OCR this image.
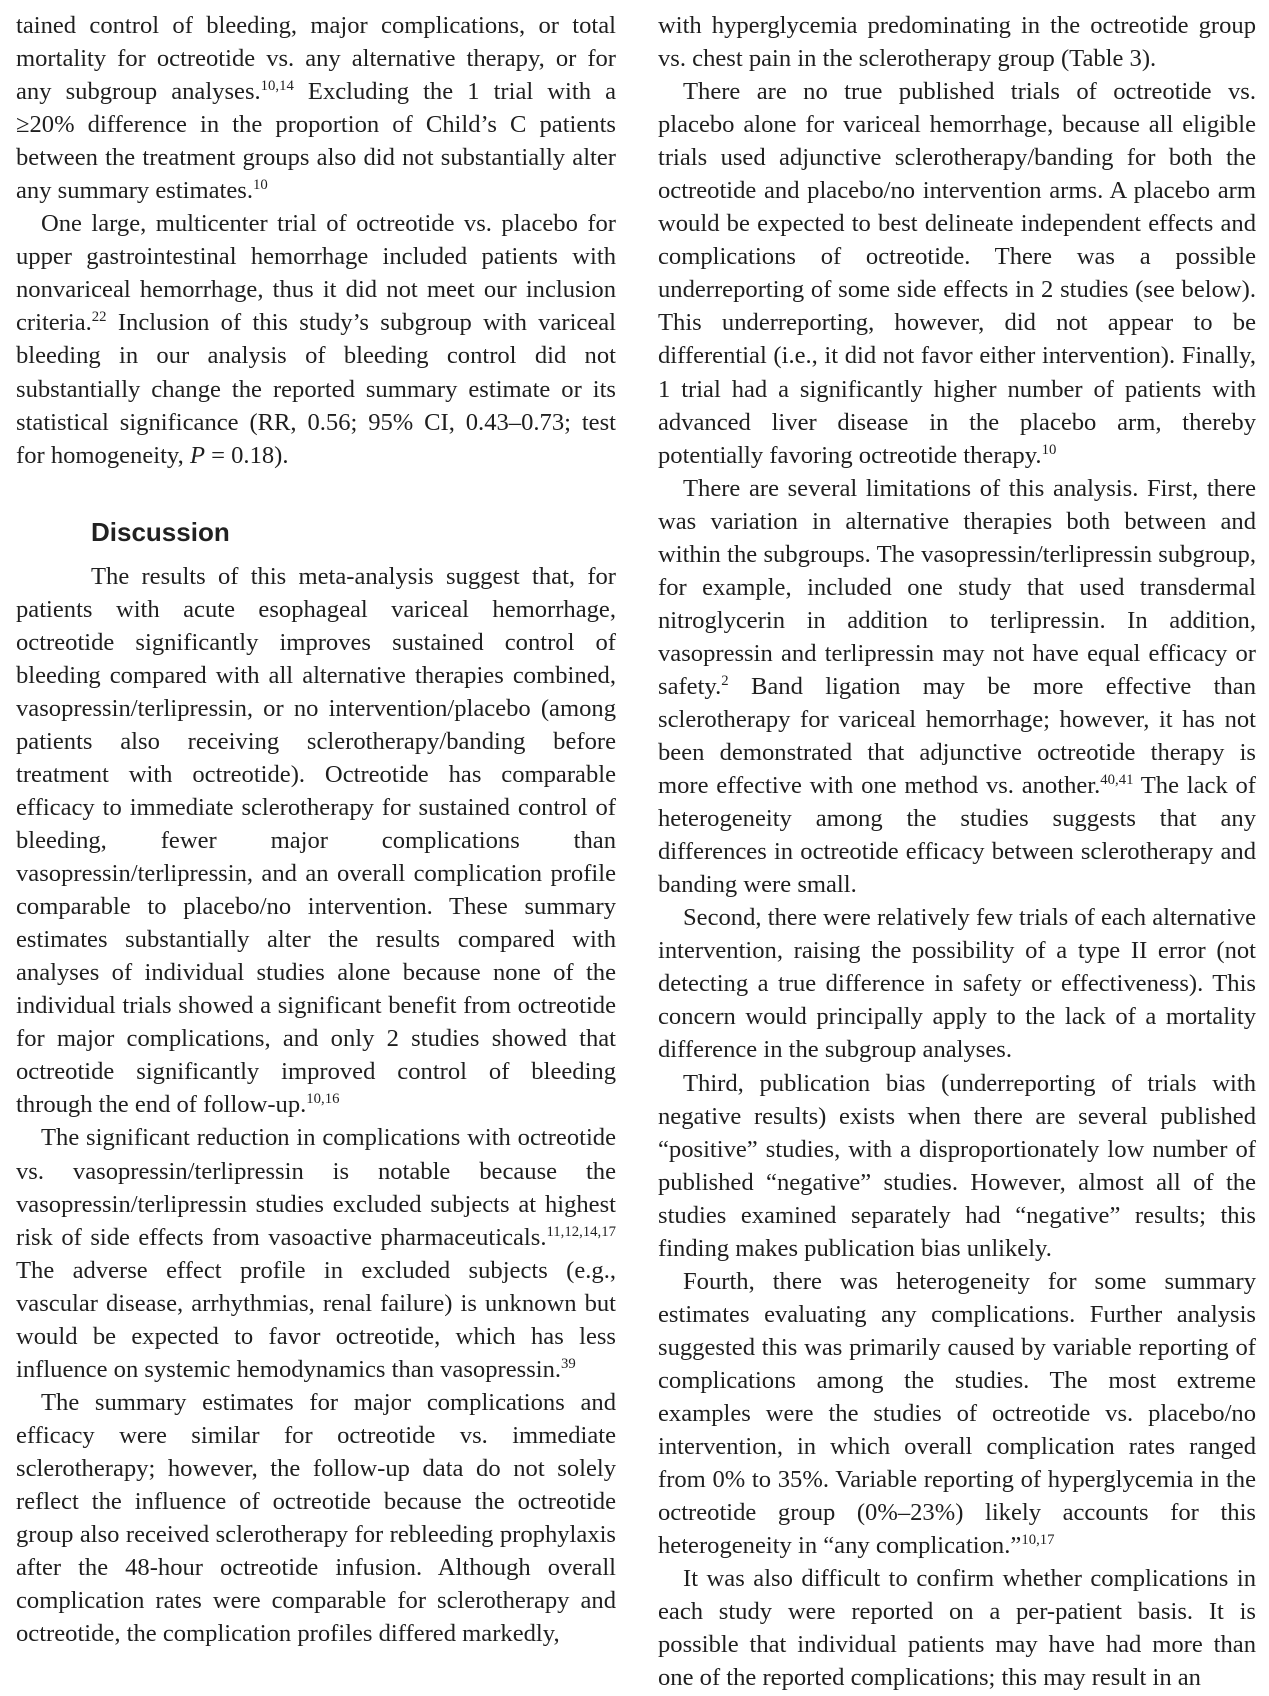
tained control of bleeding, major complications, or total mortality for octreotide vs. any alternative therapy, or for any subgroup analyses.$^{10,14}$ Excluding the 1 trial with a ≥20% difference in the proportion of Child’s C patients between the treatment groups also did not substantially alter any summary estimates.$^{10}$

One large, multicenter trial of octreotide vs. placebo for upper gastrointestinal hemorrhage included patients with nonvariceal hemorrhage, thus it did not meet our inclusion criteria.$^{22}$ Inclusion of this study’s subgroup with variceal bleeding in our analysis of bleeding control did not substantially change the reported summary estimate or its statistical significance (RR, 0.56; 95% CI, 0.43–0.73; test for homogeneity, P = 0.18).

Discussion

The results of this meta-analysis suggest that, for patients with acute esophageal variceal hemorrhage, octreotide significantly improves sustained control of bleeding compared with all alternative therapies combined, vasopressin/terlipressin, or no intervention/placebo (among patients also receiving sclerotherapy/banding before treatment with octreotide). Octreotide has comparable efficacy to immediate sclerotherapy for sustained control of bleeding, fewer major complications than vasopressin/terlipressin, and an overall complication profile comparable to placebo/no intervention. These summary estimates substantially alter the results compared with analyses of individual studies alone because none of the individual trials showed a significant benefit from octreotide for major complications, and only 2 studies showed that octreotide significantly improved control of bleeding through the end of follow-up.$^{10,16}$

The significant reduction in complications with octreotide vs. vasopressin/terlipressin is notable because the vasopressin/terlipressin studies excluded subjects at highest risk of side effects from vasoactive pharmaceuticals.$^{11,12,14,17}$ The adverse effect profile in excluded subjects (e.g., vascular disease, arrhythmias, renal failure) is unknown but would be expected to favor octreotide, which has less influence on systemic hemodynamics than vasopressin.$^{39}$

The summary estimates for major complications and efficacy were similar for octreotide vs. immediate sclerotherapy; however, the follow-up data do not solely reflect the influence of octreotide because the octreotide group also received sclerotherapy for rebleeding prophylaxis after the 48-hour octreotide infusion. Although overall complication rates were comparable for sclerotherapy and octreotide, the complication profiles differed markedly,

with hyperglycemia predominating in the octreotide group vs. chest pain in the sclerotherapy group (Table 3).

There are no true published trials of octreotide vs. placebo alone for variceal hemorrhage, because all eligible trials used adjunctive sclerotherapy/banding for both the octreotide and placebo/no intervention arms. A placebo arm would be expected to best delineate independent effects and complications of octreotide. There was a possible underreporting of some side effects in 2 studies (see below). This underreporting, however, did not appear to be differential (i.e., it did not favor either intervention). Finally, 1 trial had a significantly higher number of patients with advanced liver disease in the placebo arm, thereby potentially favoring octreotide therapy.$^{10}$

There are several limitations of this analysis. First, there was variation in alternative therapies both between and within the subgroups. The vasopressin/terlipressin subgroup, for example, included one study that used transdermal nitroglycerin in addition to terlipressin. In addition, vasopressin and terlipressin may not have equal efficacy or safety.$^2$ Band ligation may be more effective than sclerotherapy for variceal hemorrhage; however, it has not been demonstrated that adjunctive octreotide therapy is more effective with one method vs. another.$^{40,41}$ The lack of heterogeneity among the studies suggests that any differences in octreotide efficacy between sclerotherapy and banding were small.

Second, there were relatively few trials of each alternative intervention, raising the possibility of a type II error (not detecting a true difference in safety or effectiveness). This concern would principally apply to the lack of a mortality difference in the subgroup analyses.

Third, publication bias (underreporting of trials with negative results) exists when there are several published “positive” studies, with a disproportionately low number of published “negative” studies. However, almost all of the studies examined separately had “negative” results; this finding makes publication bias unlikely.

Fourth, there was heterogeneity for some summary estimates evaluating any complications. Further analysis suggested this was primarily caused by variable reporting of complications among the studies. The most extreme examples were the studies of octreotide vs. placebo/no intervention, in which overall complication rates ranged from 0% to 35%. Variable reporting of hyperglycemia in the octreotide group (0%–23%) likely accounts for this heterogeneity in “any complication.”$^{10,17}$

It was also difficult to confirm whether complications in each study were reported on a per-patient basis. It is possible that individual patients may have had more than one of the reported complications; this may result in an
